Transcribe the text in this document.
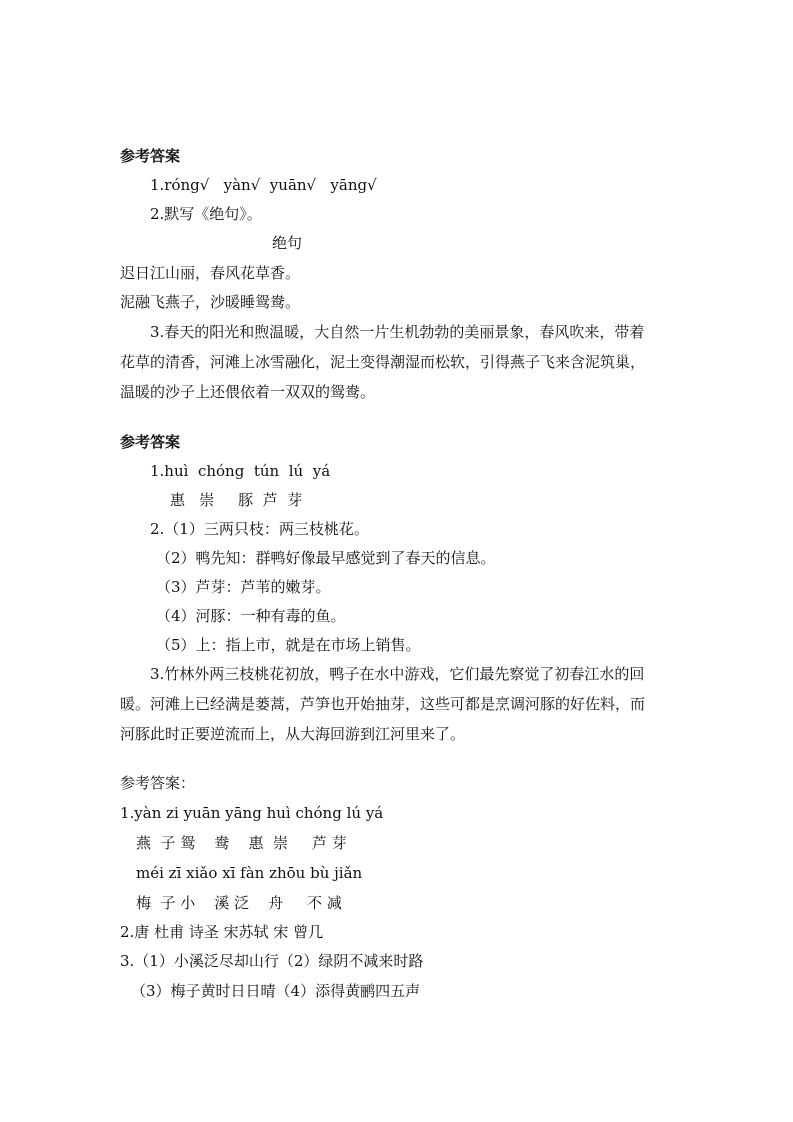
参考答案
1.róng√   yàn√  yuān√   yāng√
2.默写《绝句》。
绝句
迟日江山丽，春风花草香。
泥融飞燕子，沙暖睡鸳鸯。
3.春天的阳光和煦温暖，大自然一片生机勃勃的美丽景象，春风吹来，带着
花草的清香，河滩上冰雪融化，泥土变得潮湿而松软，引得燕子飞来含泥筑巢，
温暖的沙子上还偎依着一双双的鸳鸯。
参考答案
1.huì  chóng  tún  lú  yá
惠   崇     豚  芦  芽
2.（1）三两只枝：两三枝桃花。
（2）鸭先知：群鸭好像最早感觉到了春天的信息。
（3）芦芽：芦苇的嫩芽。
（4）河豚：一种有毒的鱼。
（5）上：指上市，就是在市场上销售。
3.竹林外两三枝桃花初放，鸭子在水中游戏，它们最先察觉了初春江水的回
暖。河滩上已经满是蒌蒿，芦笋也开始抽芽，这些可都是烹调河豚的好佐料，而
河豚此时正要逆流而上，从大海回游到江河里来了。
参考答案：
1.yàn zi yuān yāng huì chóng lú yá
燕  子 鸳    鸯    惠  崇     芦 芽
méi zī xiǎo xī fàn zhōu bù jiǎn
梅  子 小    溪 泛    舟     不 减
2.唐 杜甫 诗圣 宋苏轼 宋 曾几
3.（1）小溪泛尽却山行（2）绿阴不减来时路
（3）梅子黄时日日晴（4）添得黄鹂四五声
